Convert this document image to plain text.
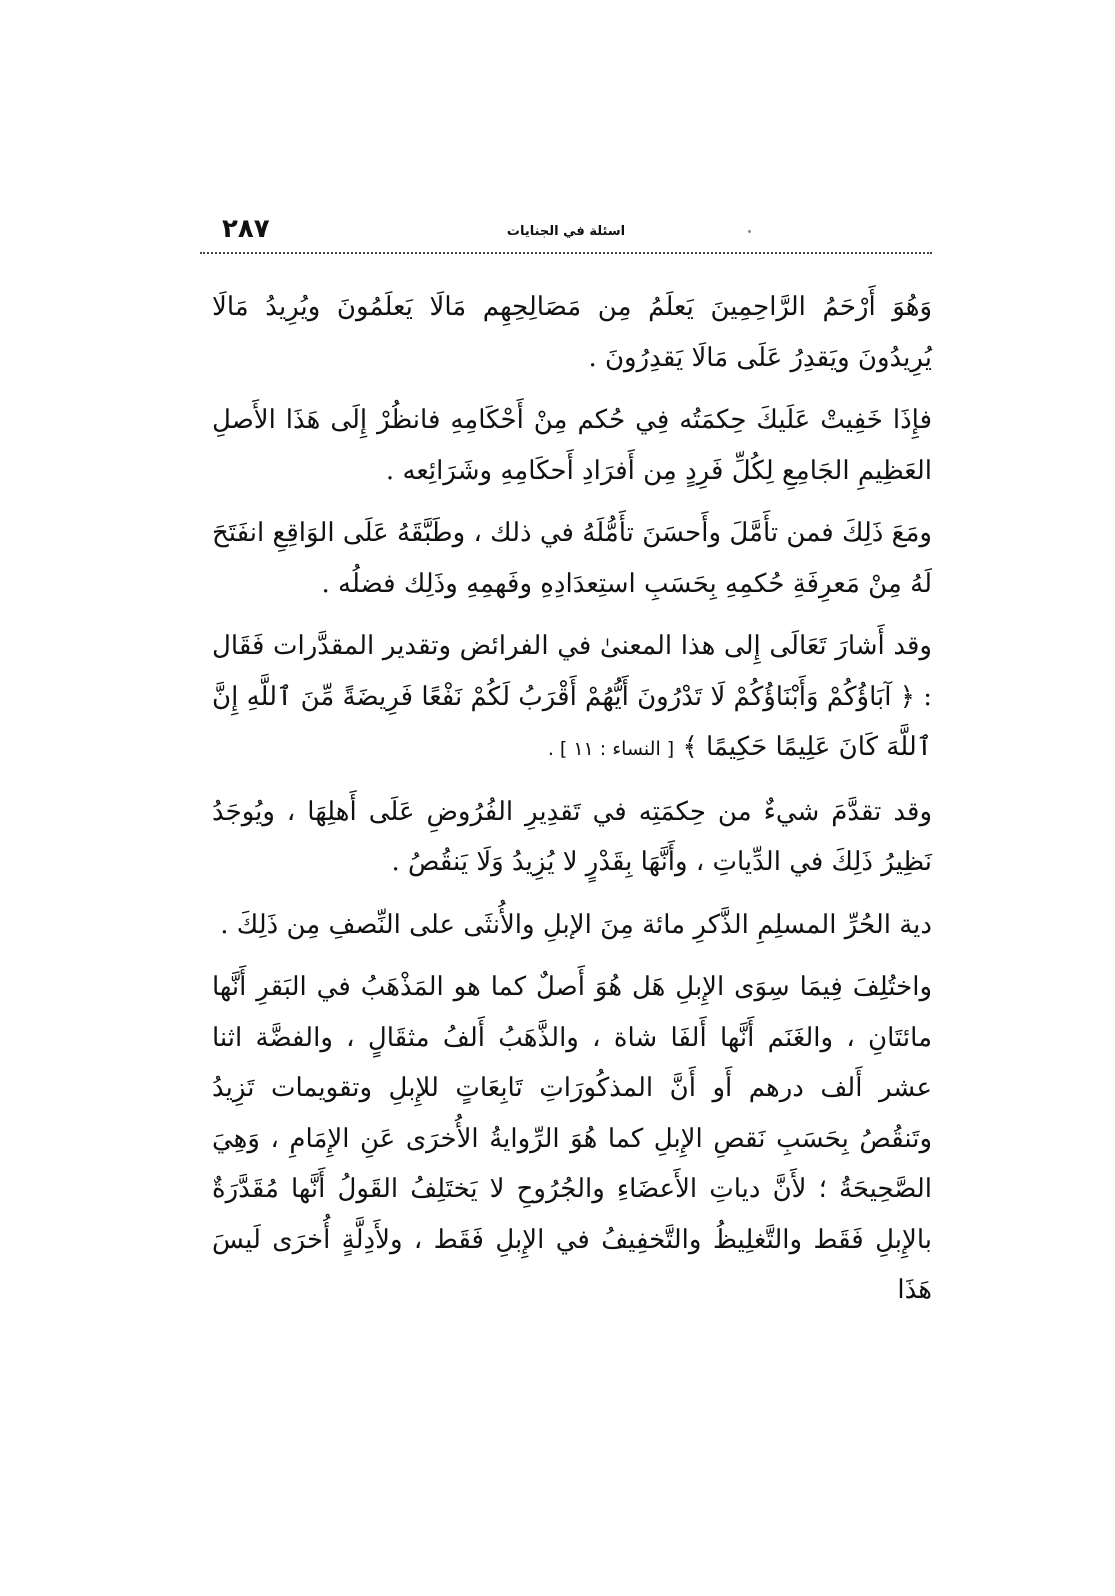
٢٨٧	اسئلة في الجنايات

وَهُوَ أَرْحَمُ الرَّاحِمِينَ يَعلَمُ مِن مَصَالِحِهِم مَالَا يَعلَمُونَ ويُرِيدُ مَالَا يُرِيدُونَ ويَقدِرُ عَلَى مَالَا يَقدِرُونَ .

فإِذَا خَفِيتْ عَلَيكَ حِكمَتُه فِي حُكم مِنْ أَحْكَامِهِ فانظُرْ إِلَى هَذَا الأَصلِ العَظِيمِ الجَامِعِ لِكُلِّ فَرِدٍ مِن أَفرَادِ أَحكَامِهِ وشَرَائِعه .

ومَعَ ذَلِكَ فمن تأَمَّلَ وأَحسَنَ تأَمُّلَهُ في ذلك ، وطَبَّقَهُ عَلَى الوَاقِعِ انفَتَحَ لَهُ مِنْ مَعرِفَةِ حُكمِهِ بِحَسَبِ استِعدَادِهِ وفَهمِهِ وذَلِك فضلُه .

وقد أَشارَ تَعَالَى إِلى هذا المعنىٰ في الفرائض وتقدير المقدَّرات فَقَال : ﴿ آبَاؤُكُمْ وَأَبْنَاؤُكُمْ لَا تَدْرُونَ أَيُّهُمْ أَقْرَبُ لَكُمْ نَفْعًا فَرِيضَةً مِّنَ ٱللَّهِ إِنَّ ٱللَّهَ كَانَ عَلِيمًا حَكِيمًا ﴾ [ النساء : ١١ ] .

وقد تقدَّمَ شيءٌ من حِكمَتِه في تَقدِيرِ الفُرُوضِ عَلَى أَهلِهَا ، ويُوجَدُ نَظِيرُ ذَلِكَ في الدِّياتِ ، وأَنَّهَا بِقَدْرٍ لا يُزِيدُ وَلَا يَنقُصُ .

دية الحُرِّ المسلِمِ الذَّكرِ مائة مِنَ الإبلِ والأُنثَى على النِّصفِ مِن ذَلِكَ .

واختُلِفَ فِيمَا سِوَى الإِبلِ هَل هُوَ أَصلٌ كما هو المَذْهَبُ في البَقرِ أَنَّها مائتَانِ ، والغَنَم أَنَّها أَلفَا شاة ، والذَّهَبُ أَلفُ مثقَالٍ ، والفضَّة اثنا عشر أَلف درهم أَو أَنَّ المذكُورَاتِ تَابِعَاتٍ للإِبلِ وتقويمات تَزِيدُ وتَنقُصُ بِحَسَبِ نَقصِ الإِبلِ كما هُوَ الرِّوايةُ الأُخرَى عَنِ الإِمَامِ ، وَهِيَ الصَّحِيحَةُ ؛ لأَنَّ دياتِ الأَعضَاءِ والجُرُوحِ لا يَختَلِفُ القَولُ أَنَّها مُقَدَّرَةٌ بالإِبلِ فَقَط والتَّغلِيظُ والتَّخفِيفُ في الإِبلِ فَقَط ، ولأَدِلَّةٍ أُخرَى لَيسَ هَذَا
